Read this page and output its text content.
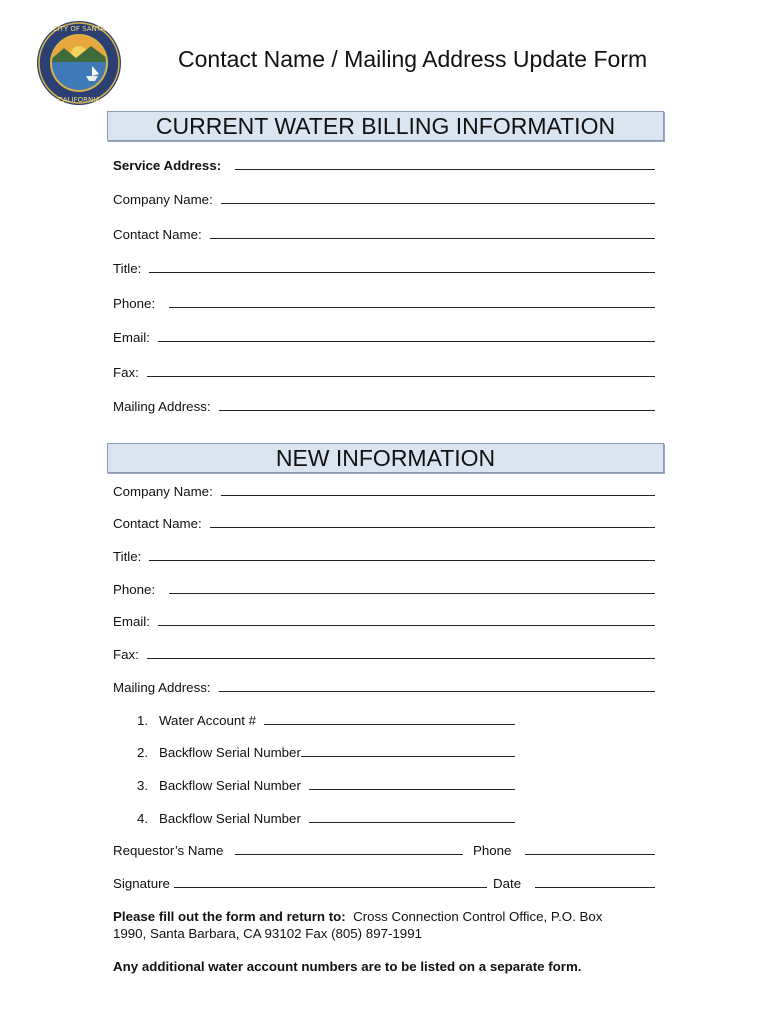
CITY OF SANTA
CALIFORNIA
Contact Name / Mailing Address Update Form
CURRENT WATER BILLING INFORMATION
Service Address:
Company Name:
Contact Name:
Title:
Phone:
Email:
Fax:
Mailing Address:
NEW INFORMATION
Company Name:
Contact Name:
Title:
Phone:
Email:
Fax:
Mailing Address:
1. Water Account #
2. Backflow Serial Number
3. Backflow Serial Number
4. Backflow Serial Number
Requestor’s Name	Phone
Signature	Date
Please fill out the form and return to: Cross Connection Control Office, P.O. Box
1990, Santa Barbara, CA 93102 Fax (805) 897-1991
Any additional water account numbers are to be listed on a separate form.
